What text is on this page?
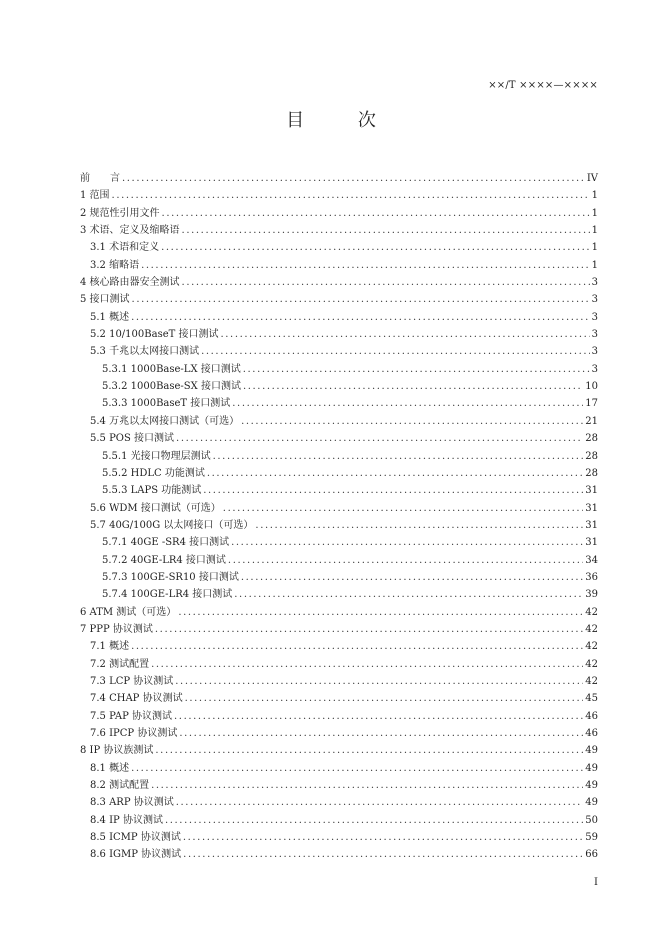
××/T ××××—××××
目 次
前　　言 .....	IV
1 范围 .....	1
2 规范性引用文件 .....	1
3 术语、定义及缩略语 .....	1
3.1 术语和定义 .....	1
3.2 缩略语 .....	1
4 核心路由器安全测试 .....	3
5 接口测试 .....	3
5.1 概述 .....	3
5.2 10/100BaseT 接口测试 .....	3
5.3 千兆以太网接口测试 .....	3
5.3.1 1000Base-LX 接口测试 .....	3
5.3.2 1000Base-SX 接口测试 .....	10
5.3.3 1000BaseT 接口测试 .....	17
5.4 万兆以太网接口测试（可选） .....	21
5.5 POS 接口测试 .....	28
5.5.1 光接口物理层测试 .....	28
5.5.2 HDLC 功能测试 .....	28
5.5.3 LAPS 功能测试 .....	31
5.6 WDM 接口测试（可选） .....	31
5.7 40G/100G 以太网接口（可选） .....	31
5.7.1 40GE -SR4 接口测试 .....	31
5.7.2 40GE-LR4 接口测试 .....	34
5.7.3 100GE-SR10 接口测试 .....	36
5.7.4 100GE-LR4 接口测试 .....	39
6 ATM 测试（可选） .....	42
7 PPP 协议测试 .....	42
7.1 概述 .....	42
7.2 测试配置 .....	42
7.3 LCP 协议测试 .....	42
7.4 CHAP 协议测试 .....	45
7.5 PAP 协议测试 .....	46
7.6 IPCP 协议测试 .....	46
8 IP 协议族测试 .....	49
8.1 概述 .....	49
8.2 测试配置 .....	49
8.3 ARP 协议测试 .....	49
8.4 IP 协议测试 .....	50
8.5 ICMP 协议测试 .....	59
8.6 IGMP 协议测试 .....	66
I
